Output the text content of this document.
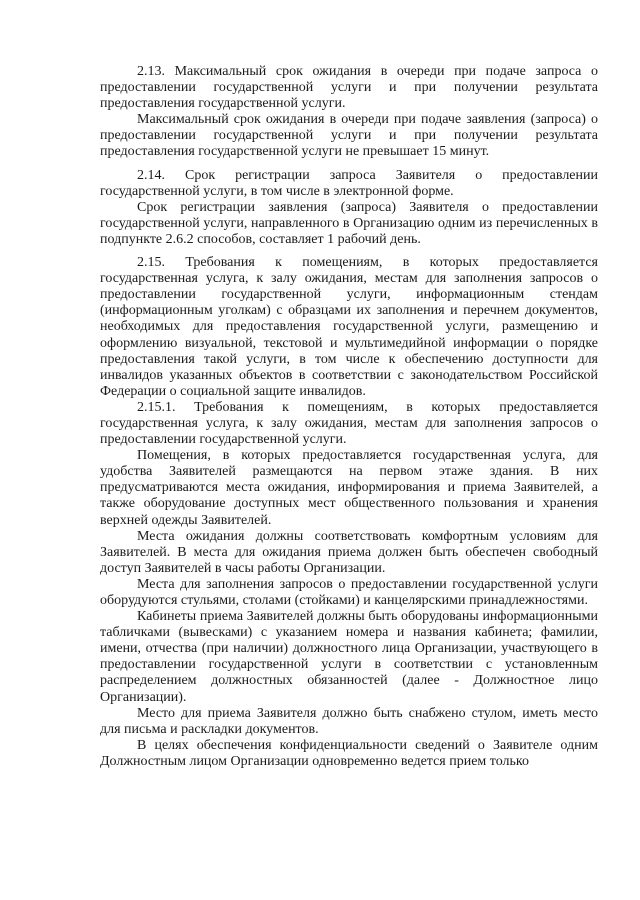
2.13. Максимальный срок ожидания в очереди при подаче запроса о предоставлении государственной услуги и при получении результата предоставления государственной услуги.

Максимальный срок ожидания в очереди при подаче заявления (запроса) о предоставлении государственной услуги и при получении результата предоставления государственной услуги не превышает 15 минут.

2.14. Срок регистрации запроса Заявителя о предоставлении государственной услуги, в том числе в электронной форме.

Срок регистрации заявления (запроса) Заявителя о предоставлении государственной услуги, направленного в Организацию одним из перечисленных в подпункте 2.6.2 способов, составляет 1 рабочий день.

2.15. Требования к помещениям, в которых предоставляется государственная услуга, к залу ожидания, местам для заполнения запросов о предоставлении государственной услуги, информационным стендам (информационным уголкам) с образцами их заполнения и перечнем документов, необходимых для предоставления государственной услуги, размещению и оформлению визуальной, текстовой и мультимедийной информации о порядке предоставления такой услуги, в том числе к обеспечению доступности для инвалидов указанных объектов в соответствии с законодательством Российской Федерации о социальной защите инвалидов.

2.15.1. Требования к помещениям, в которых предоставляется государственная услуга, к залу ожидания, местам для заполнения запросов о предоставлении государственной услуги.

Помещения, в которых предоставляется государственная услуга, для удобства Заявителей размещаются на первом этаже здания. В них предусматриваются места ожидания, информирования и приема Заявителей, а также оборудование доступных мест общественного пользования и хранения верхней одежды Заявителей.

Места ожидания должны соответствовать комфортным условиям для Заявителей. В места для ожидания приема должен быть обеспечен свободный доступ Заявителей в часы работы Организации.

Места для заполнения запросов о предоставлении государственной услуги оборудуются стульями, столами (стойками) и канцелярскими принадлежностями.

Кабинеты приема Заявителей должны быть оборудованы информационными табличками (вывесками) с указанием номера и названия кабинета; фамилии, имени, отчества (при наличии) должностного лица Организации, участвующего в предоставлении государственной услуги в соответствии с установленным распределением должностных обязанностей (далее - Должностное лицо Организации).

Место для приема Заявителя должно быть снабжено стулом, иметь место для письма и раскладки документов.

В целях обеспечения конфиденциальности сведений о Заявителе одним Должностным лицом Организации одновременно ведется прием только
